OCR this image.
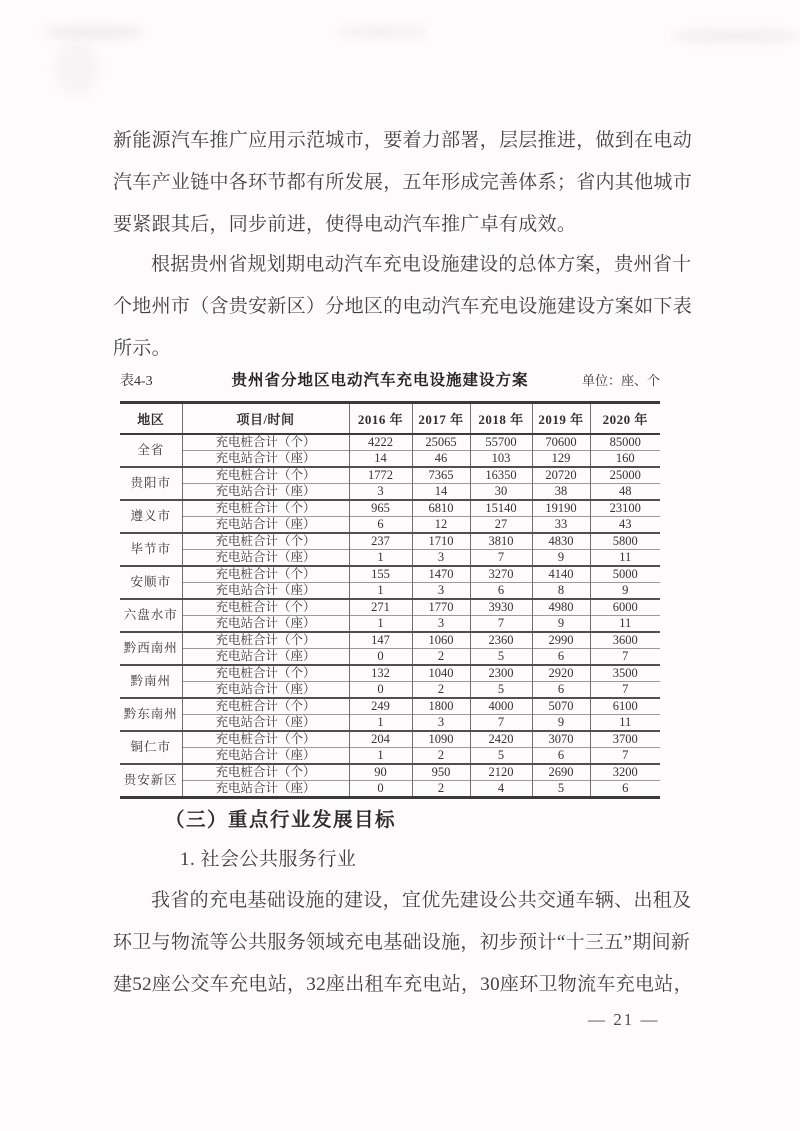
新能源汽车推广应用示范城市，要着力部署，层层推进，做到在电动
汽车产业链中各环节都有所发展，五年形成完善体系；省内其他城市
要紧跟其后，同步前进，使得电动汽车推广卓有成效。
根据贵州省规划期电动汽车充电设施建设的总体方案，贵州省十
个地州市（含贵安新区）分地区的电动汽车充电设施建设方案如下表
所示。
表4-3	贵州省分地区电动汽车充电设施建设方案	单位：座、个
地区	项目/时间	2016 年	2017 年	2018 年	2019 年	2020 年
全省	充电桩合计（个）	4222	25065	55700	70600	85000
	充电站合计（座）	14	46	103	129	160
贵阳市	充电桩合计（个）	1772	7365	16350	20720	25000
	充电站合计（座）	3	14	30	38	48
遵义市	充电桩合计（个）	965	6810	15140	19190	23100
	充电站合计（座）	6	12	27	33	43
毕节市	充电桩合计（个）	237	1710	3810	4830	5800
	充电站合计（座）	1	3	7	9	11
安顺市	充电桩合计（个）	155	1470	3270	4140	5000
	充电站合计（座）	1	3	6	8	9
六盘水市	充电桩合计（个）	271	1770	3930	4980	6000
	充电站合计（座）	1	3	7	9	11
黔西南州	充电桩合计（个）	147	1060	2360	2990	3600
	充电站合计（座）	0	2	5	6	7
黔南州	充电桩合计（个）	132	1040	2300	2920	3500
	充电站合计（座）	0	2	5	6	7
黔东南州	充电桩合计（个）	249	1800	4000	5070	6100
	充电站合计（座）	1	3	7	9	11
铜仁市	充电桩合计（个）	204	1090	2420	3070	3700
	充电站合计（座）	1	2	5	6	7
贵安新区	充电桩合计（个）	90	950	2120	2690	3200
	充电站合计（座）	0	2	4	5	6
（三）重点行业发展目标
1. 社会公共服务行业
我省的充电基础设施的建设，宜优先建设公共交通车辆、出租及
环卫与物流等公共服务领域充电基础设施，初步预计“十三五”期间新
建52座公交车充电站，32座出租车充电站，30座环卫物流车充电站，
— 21 —
